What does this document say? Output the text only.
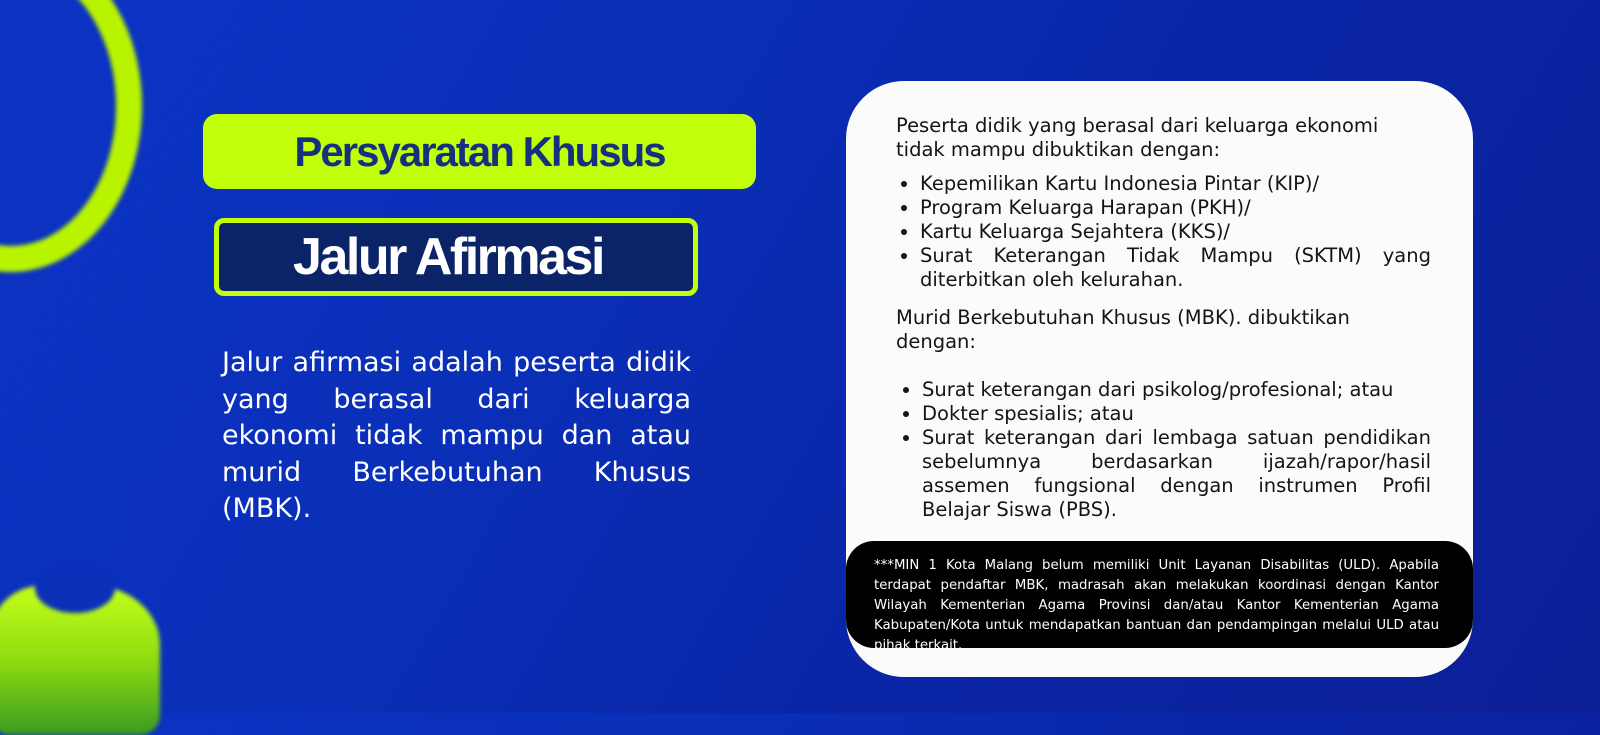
Persyaratan Khusus
Jalur Afirmasi

Jalur afirmasi adalah peserta didik yang berasal dari keluarga ekonomi tidak mampu dan atau murid Berkebutuhan Khusus (MBK).

Peserta didik yang berasal dari keluarga ekonomi tidak mampu dibuktikan dengan:

• Kepemilikan Kartu Indonesia Pintar (KIP)/
• Program Keluarga Harapan (PKH)/
• Kartu Keluarga Sejahtera (KKS)/
• Surat Keterangan Tidak Mampu (SKTM) yang diterbitkan oleh kelurahan.

Murid Berkebutuhan Khusus (MBK). dibuktikan dengan:

• Surat keterangan dari psikolog/profesional; atau
• Dokter spesialis; atau
• Surat keterangan dari lembaga satuan pendidikan sebelumnya berdasarkan ijazah/rapor/hasil assemen fungsional dengan instrumen Profil Belajar Siswa (PBS).

***MIN 1 Kota Malang belum memiliki Unit Layanan Disabilitas (ULD). Apabila terdapat pendaftar MBK, madrasah akan melakukan koordinasi dengan Kantor Wilayah Kementerian Agama Provinsi dan/atau Kantor Kementerian Agama Kabupaten/Kota untuk mendapatkan bantuan dan pendampingan melalui ULD atau pihak terkait.
